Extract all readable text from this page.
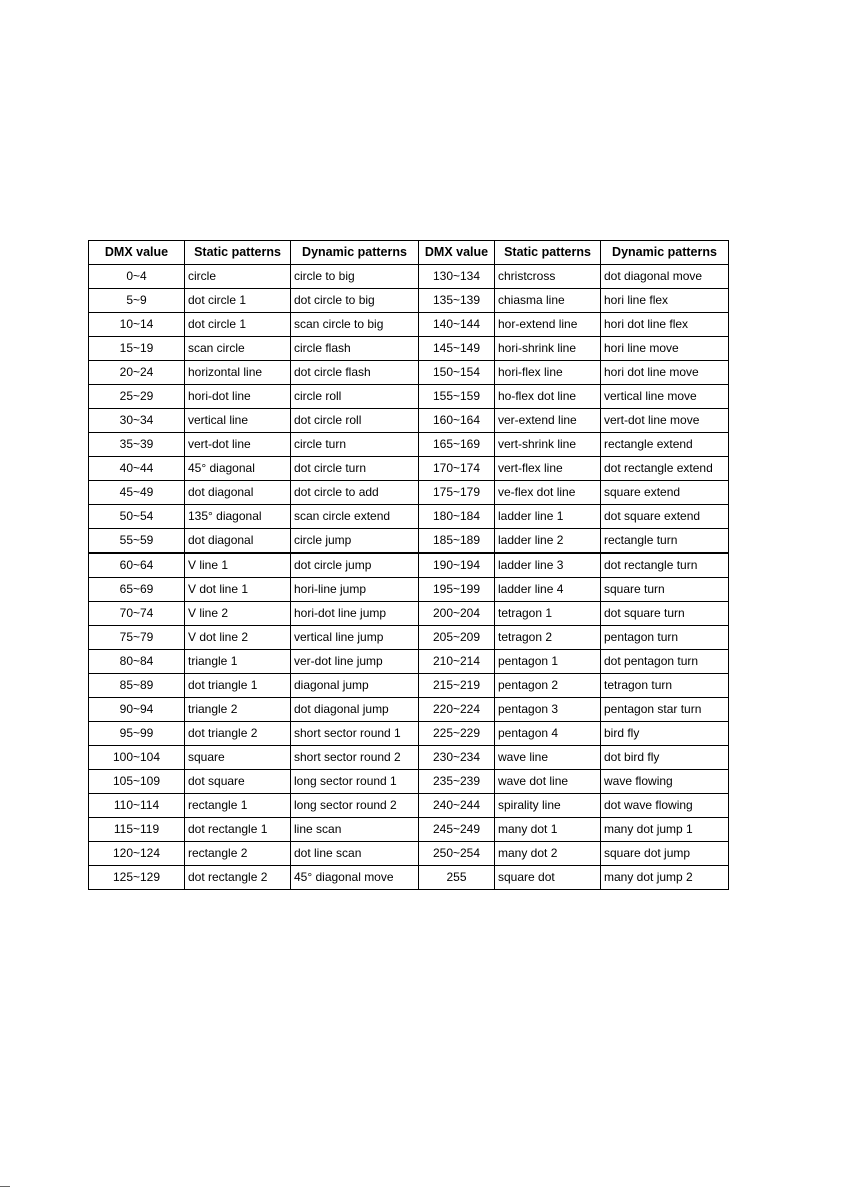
DMX value	Static patterns	Dynamic patterns	DMX value	Static patterns	Dynamic patterns
0~4	circle	circle to big	130~134	christcross	dot diagonal move
5~9	dot circle 1	dot circle to big	135~139	chiasma line	hori line flex
10~14	dot circle 1	scan circle to big	140~144	hor-extend line	hori dot line flex
15~19	scan circle	circle flash	145~149	hori-shrink line	hori line move
20~24	horizontal line	dot circle flash	150~154	hori-flex line	hori dot line move
25~29	hori-dot line	circle roll	155~159	ho-flex dot line	vertical line move
30~34	vertical line	dot circle roll	160~164	ver-extend line	vert-dot line move
35~39	vert-dot line	circle turn	165~169	vert-shrink line	rectangle extend
40~44	45° diagonal	dot circle turn	170~174	vert-flex line	dot rectangle extend
45~49	dot diagonal	dot circle to add	175~179	ve-flex dot line	square extend
50~54	135° diagonal	scan circle extend	180~184	ladder line 1	dot square extend
55~59	dot diagonal	circle jump	185~189	ladder line 2	rectangle turn
60~64	V line 1	dot circle jump	190~194	ladder line 3	dot rectangle turn
65~69	V dot line 1	hori-line jump	195~199	ladder line 4	square turn
70~74	V line 2	hori-dot line jump	200~204	tetragon 1	dot square turn
75~79	V dot line 2	vertical line jump	205~209	tetragon 2	pentagon turn
80~84	triangle 1	ver-dot line jump	210~214	pentagon 1	dot pentagon turn
85~89	dot triangle 1	diagonal jump	215~219	pentagon 2	tetragon turn
90~94	triangle 2	dot diagonal jump	220~224	pentagon 3	pentagon star turn
95~99	dot triangle 2	short sector round 1	225~229	pentagon 4	bird fly
100~104	square	short sector round 2	230~234	wave line	dot bird fly
105~109	dot square	long sector round 1	235~239	wave dot line	wave flowing
110~114	rectangle 1	long sector round 2	240~244	spirality line	dot wave flowing
115~119	dot rectangle 1	line scan	245~249	many dot 1	many dot jump 1
120~124	rectangle 2	dot line scan	250~254	many dot 2	square dot jump
125~129	dot rectangle 2	45° diagonal move	255	square dot	many dot jump 2
